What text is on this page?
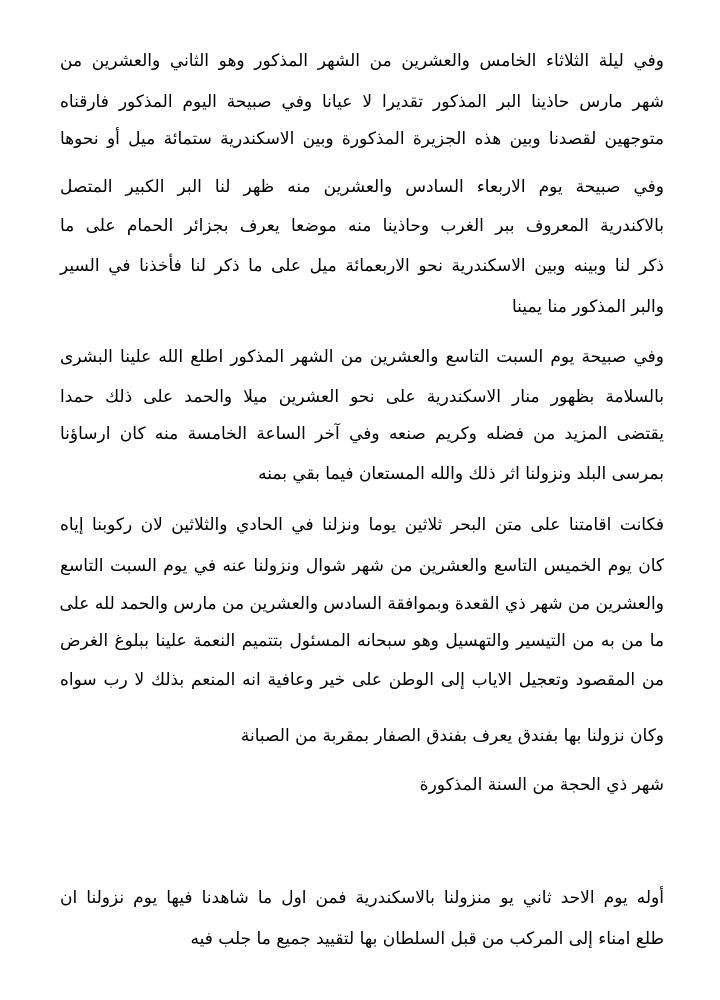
وفي ليلة الثلاثاء الخامس والعشرين من الشهر المذكور وهو الثاني والعشرين من
شهر مارس حاذينا البر المذكور تقديرا لا عيانا وفي صبيحة اليوم المذكور فارقناه
متوجهين لقصدنا وبين هذه الجزيرة المذكورة وبين الاسكندرية ستمائة ميل أو نحوها
وفي صبيحة يوم الاربعاء السادس والعشرين منه ظهر لنا البر الكبير المتصل
بالاكندرية المعروف ببر الغرب وحاذينا منه موضعا يعرف بجزائر الحمام على ما
ذكر لنا وبينه وبين الاسكندرية نحو الاربعمائة ميل على ما ذكر لنا فأخذنا في السير
والبر المذكور منا يمينا
وفي صبيحة يوم السبت التاسع والعشرين من الشهر المذكور اطلع الله علينا البشرى
بالسلامة بظهور منار الاسكندرية على نحو العشرين ميلا والحمد على ذلك حمدا
يقتضى المزيد من فضله وكريم صنعه وفي آخر الساعة الخامسة منه كان ارساؤنا
بمرسى البلد ونزولنا اثر ذلك والله المستعان فيما بقي بمنه
فكانت اقامتنا على متن البحر ثلاثين يوما ونزلنا في الحادي والثلاثين لان ركوبنا إياه
كان يوم الخميس التاسع والعشرين من شهر شوال ونزولنا عنه في يوم السبت التاسع
والعشرين من شهر ذي القعدة وبموافقة السادس والعشرين من مارس والحمد لله على
ما من به من التيسير والتهسيل وهو سبحانه المسئول بتتميم النعمة علينا ببلوغ الغرض
من المقصود وتعجيل الاياب إلى الوطن على خير وعافية انه المنعم بذلك لا رب سواه
وكان نزولنا بها بفندق يعرف بفندق الصفار بمقربة من الصبانة
شهر ذي الحجة من السنة المذكورة
أوله يوم الاحد ثاني يو منزولنا بالاسكندرية فمن اول ما شاهدنا فيها يوم نزولنا ان
طلع امناء إلى المركب من قبل السلطان بها لتقييد جميع ما جلب فيه
